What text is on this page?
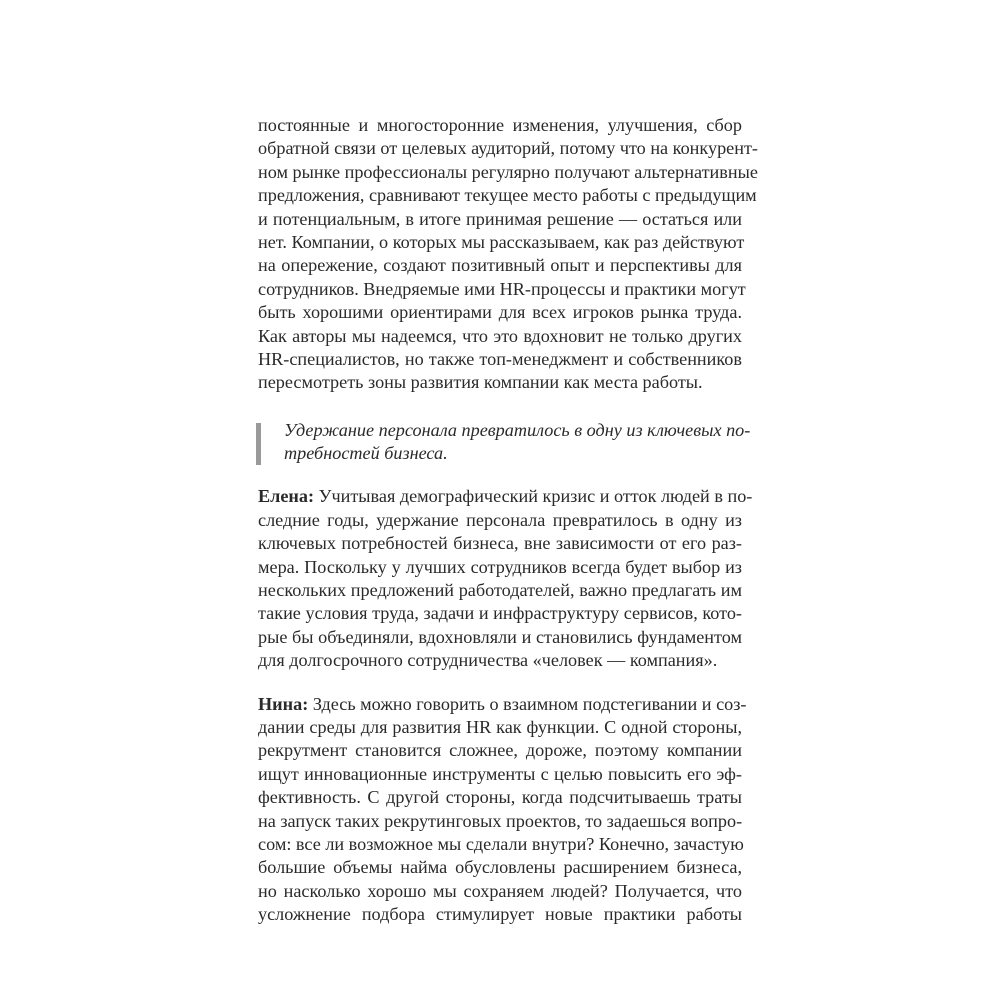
постоянные и многосторонние изменения, улучшения, сбор
обратной связи от целевых аудиторий, потому что на конкурент-
ном рынке профессионалы регулярно получают альтернативные
предложения, сравнивают текущее место работы с предыдущим
и потенциальным, в итоге принимая решение — остаться или
нет. Компании, о которых мы рассказываем, как раз действуют
на опережение, создают позитивный опыт и перспективы для
сотрудников. Внедряемые ими HR-процессы и практики могут
быть хорошими ориентирами для всех игроков рынка труда.
Как авторы мы надеемся, что это вдохновит не только других
HR-специалистов, но также топ-менеджмент и собственников
пересмотреть зоны развития компании как места работы.
Удержание персонала превратилось в одну из ключевых по-
требностей бизнеса.
Елена: Учитывая демографический кризис и отток людей в по-
следние годы, удержание персонала превратилось в одну из
ключевых потребностей бизнеса, вне зависимости от его раз-
мера. Поскольку у лучших сотрудников всегда будет выбор из
нескольких предложений работодателей, важно предлагать им
такие условия труда, задачи и инфраструктуру сервисов, кото-
рые бы объединяли, вдохновляли и становились фундаментом
для долгосрочного сотрудничества «человек — компания».
Нина: Здесь можно говорить о взаимном подстегивании и соз-
дании среды для развития HR как функции. С одной стороны,
рекрутмент становится сложнее, дороже, поэтому компании
ищут инновационные инструменты с целью повысить его эф-
фективность. С другой стороны, когда подсчитываешь траты
на запуск таких рекрутинговых проектов, то задаешься вопро-
сом: все ли возможное мы сделали внутри? Конечно, зачастую
большие объемы найма обусловлены расширением бизнеса,
но насколько хорошо мы сохраняем людей? Получается, что
усложнение подбора стимулирует новые практики работы
